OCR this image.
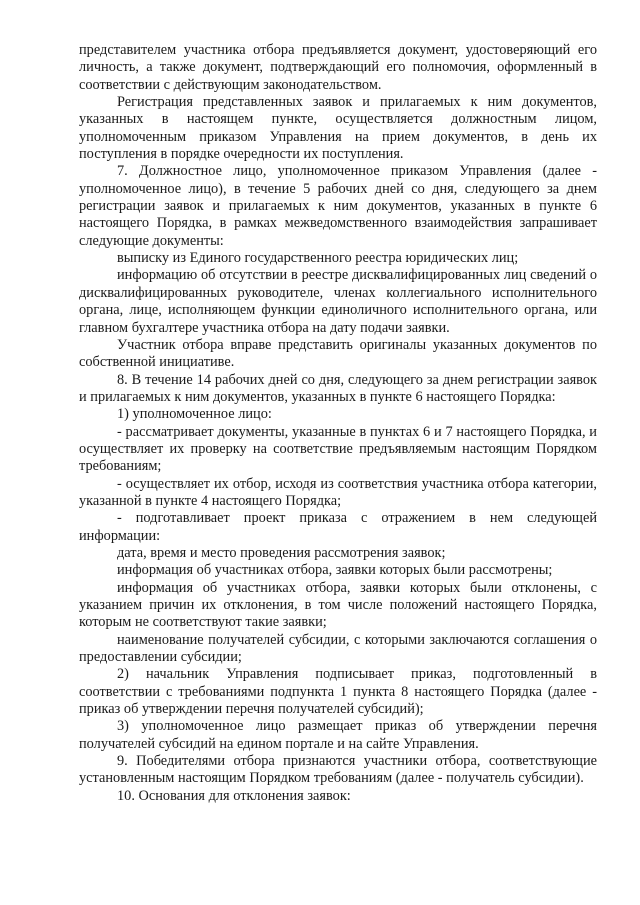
представителем участника отбора предъявляется документ, удостоверяющий его личность, а также документ, подтверждающий его полномочия, оформленный в соответствии с действующим законодательством.

Регистрация представленных заявок и прилагаемых к ним документов, указанных в настоящем пункте, осуществляется должностным лицом, уполномоченным приказом Управления на прием документов, в день их поступления в порядке очередности их поступления.

7. Должностное лицо, уполномоченное приказом Управления (далее - уполномоченное лицо), в течение 5 рабочих дней со дня, следующего за днем регистрации заявок и прилагаемых к ним документов, указанных в пункте 6 настоящего Порядка, в рамках межведомственного взаимодействия запрашивает следующие документы:

выписку из Единого государственного реестра юридических лиц;

информацию об отсутствии в реестре дисквалифицированных лиц сведений о дисквалифицированных руководителе, членах коллегиального исполнительного органа, лице, исполняющем функции единоличного исполнительного органа, или главном бухгалтере участника отбора на дату подачи заявки.

Участник отбора вправе представить оригиналы указанных документов по собственной инициативе.

8. В течение 14 рабочих дней со дня, следующего за днем регистрации заявок и прилагаемых к ним документов, указанных в пункте 6 настоящего Порядка:

1) уполномоченное лицо:

- рассматривает документы, указанные в пунктах 6 и 7 настоящего Порядка, и осуществляет их проверку на соответствие предъявляемым настоящим Порядком требованиям;

- осуществляет их отбор, исходя из соответствия участника отбора категории, указанной в пункте 4 настоящего Порядка;

- подготавливает проект приказа с отражением в нем следующей информации:

дата, время и место проведения рассмотрения заявок;

информация об участниках отбора, заявки которых были рассмотрены;

информация об участниках отбора, заявки которых были отклонены, с указанием причин их отклонения, в том числе положений настоящего Порядка, которым не соответствуют такие заявки;

наименование получателей субсидии, с которыми заключаются соглашения о предоставлении субсидии;

2) начальник Управления подписывает приказ, подготовленный в соответствии с требованиями подпункта 1 пункта 8 настоящего Порядка (далее - приказ об утверждении перечня получателей субсидий);

3) уполномоченное лицо размещает приказ об утверждении перечня получателей субсидий на едином портале и на сайте Управления.

9. Победителями отбора признаются участники отбора, соответствующие установленным настоящим Порядком требованиям (далее - получатель субсидии).

10. Основания для отклонения заявок:
